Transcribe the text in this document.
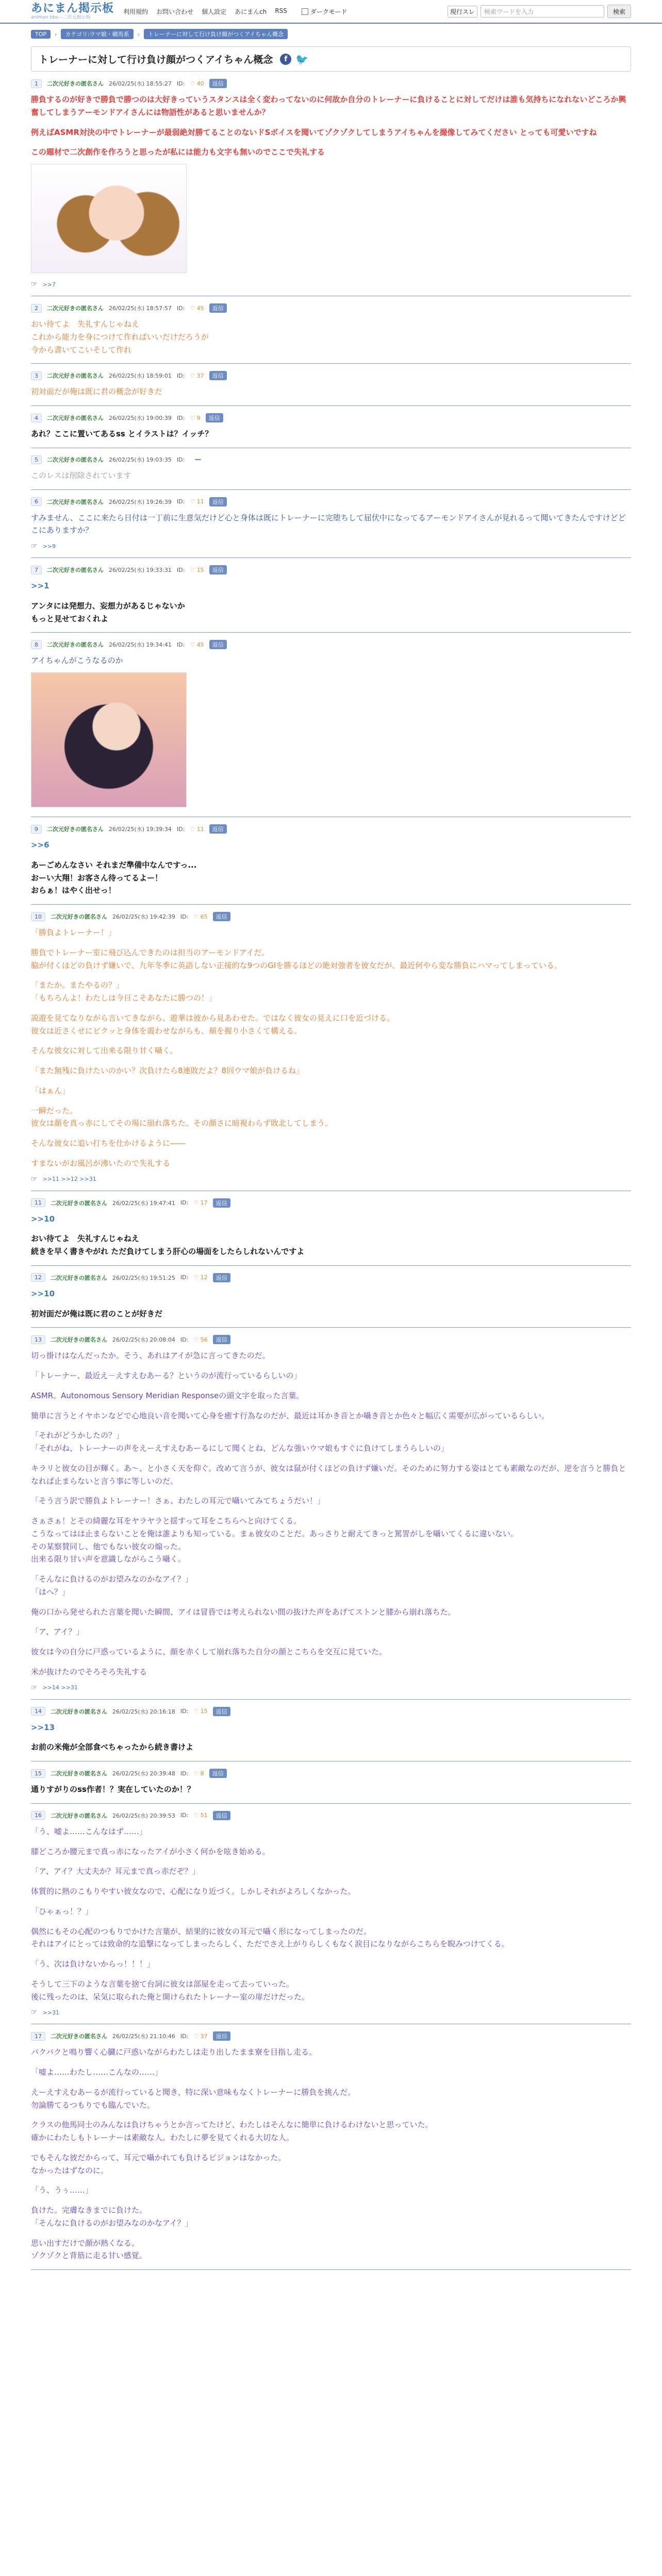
あにまん掲示板
animan bbs—二次元掲示板
利用規約 お問い合わせ 個人設定 あにまんch RSS	ダークモード	現行スレ	検索ワードを入力	検索
TOP	›	カテゴリ:ウマ娘・競馬系	›	トレーナーに対して行け負け顔がつくアイちゃん概念
トレーナーに対して行け負け顔がつくアイちゃん概念	f 🐦
1	二次元好きの匿名さん 26/02/25(水) 18:55:27 ID: ♡ 40	返信

勝負するのが好きで勝負で勝つのは大好きっていうスタンスは全く変わってないのに何故か自分のトレーナーに負けることに対してだけは誰も気持ちになれないどころか興奮してしまうアーモンドアイさんには物語性があると思いませんか？

例えばASMR対決の中でトレーナーが最弱絶対勝てることのないドSボイスを聞いてゾクゾクしてしまうアイちゃんを撮像してみてください とっても可愛いですね

この題材で二次創作を作ろうと思ったが私には能力も文字も無いのでここで失礼する

☞ >>7
2	二次元好きの匿名さん 26/02/25(水) 18:57:57 ID: ♡ 45	返信

おい待てよ　失礼すんじゃねえ
これから能力を身につけて作ればいいだけだろうが
今から書いてこいそして作れ

3	二次元好きの匿名さん 26/02/25(水) 18:59:01 ID: ♡ 37	返信

初対面だが俺は既に君の概念が好きだ

4	二次元好きの匿名さん 26/02/25(水) 19:00:39 ID: ♡ 9	返信

あれ？ここに置いてあるss とイラストは？イッチ？

5	二次元好きの匿名さん 26/02/25(水) 19:03:35 ID:

このレスは削除されています

6	二次元好きの匿名さん 26/02/25(水) 19:26:39 ID: ♡ 11	返信

すみません、ここに来たら日付は一丁前に生意気だけど心と身体は既にトレーナーに完堕ちして屈伏中になってるアーモンドアイさんが見れるって聞いてきたんですけどどこにありますか？

☞ >>9
7	二次元好きの匿名さん 26/02/25(水) 19:33:31 ID: ♡ 15	返信

>>1

アンタには発想力、妄想力があるじゃないか
もっと見せておくれよ

8	二次元好きの匿名さん 26/02/25(水) 19:34:41 ID: ♡ 45	返信

アイちゃんがこうなるのか

9	二次元好きの匿名さん 26/02/25(水) 19:39:34 ID: ♡ 11	返信

>>6

あーごめんなさい それまだ準備中なんですっ...
おーい大翔！お客さん待ってるよー！
おらぁ！はやく出せっ！

10	二次元好きの匿名さん 26/02/25(水) 19:42:39 ID: ♡ 65	返信

「勝負よトレーナー！」

勝負でトレーナー室に飛び込んできたのは担当のアーモンドアイだ。
脇が付くほどの負けず嫌いで、九年冬季に英語しない正接的な9つのGIを勝るほどの絶対強者を彼女だが、最近何やら変な勝負にハマってしまっている。

「またか。またやるの？」
「もちろんよ！わたしは今日こそあなたに勝つの！」

説遊を見てなりながら言いてきながら、遊華は彼から見あわせた。ではなく彼女の見えに口を近づける。
彼女は近さくせにビクッと身体を震わせながらも、頬を握り小さくて構える。

そんな彼女に対して出来る限り甘く囁く。

「また無残に負けたいのかい？次負けたら8連敗だよ？8回ウマ娘が負けるね」

「はぁん」

一瞬だった。
彼女は顔を真っ赤にしてその場に崩れ落ちた。その顔さに暗視わらず敗北してしまう。

そんな彼女に追い打ちを仕かけるように――

すまないがお風呂が沸いたので失礼する

☞ >>11 >>12 >>31
11	二次元好きの匿名さん 26/02/25(水) 19:47:41 ID: ♡ 17	返信

>>10

おい待てよ　失礼すんじゃねえ
続きを早く書きやがれ ただ負けてしまう肝心の場面をしたらしれないんですよ

12	二次元好きの匿名さん 26/02/25(水) 19:51:25 ID: ♡ 12	返信

>>10

初対面だが俺は既に君のことが好きだ

13	二次元好きの匿名さん 26/02/25(水) 20:08:04 ID: ♡ 56	返信

切っ掛けはなんだったか。そう、あれはアイが急に言ってきたのだ。

「トレーナー、最近え－えすえむあーる？というのが流行っているらしいの」

ASMR。Autonomous Sensory Meridian Responseの頭文字を取った言葉。

簡単に言うとイヤホンなどで心地良い音を聞いて心身を癒す行為なのだが、最近は耳かき音とか囁き音とか色々と幅広く需要が広がっているらしい。

「それがどうかしたの？」
「それがね、トレーナーの声をえーえすえむあーるにして聞くとね、どんな強いウマ娘もすぐに負けてしまうらしいの」

キラリと彼女の目が輝く。あ～、と小さく天を仰ぐ。改めて言うが、彼女は鼠が付くほどの負けず嫌いだ。そのために努力する姿はとても素敵なのだが、逆を言うと勝負となれば止まらないと言う事に等しいのだ。

「そう言う訳で勝負よトレーナー！さぁ、わたしの耳元で囁いてみてちょうだい！」

さぁさぁ！とその綺麗な耳をヤラヤラと揺すって耳をこちらへと向けてくる。
こうなってはは止まらないことを俺は誰よりも知っている。まぁ彼女のことだ。あっさりと耐えてきっと罵詈がしを囁いてくるに違いない。
その某察賛同し、他でもない彼女の煽った。
出来る限り甘い声を意識しながらこう囁く。

「そんなに負けるのがお望みなのかなアイ？」
「はへ？」

俺の口から発せられた言葉を聞いた瞬間、アイは冒昏では考えられない間の抜けた声をあげてストンと膝から崩れ落ちた。

「ア、アイ？」

彼女は今の自分に戸惑っているように、顔を赤くして崩れ落ちた自分の顔とこちらを交互に見ていた。

米が抜けたのでそろそろ失礼する

☞ >>14 >>31
14	二次元好きの匿名さん 26/02/25(水) 20:16:18 ID: ♡ 15	返信

>>13

お前の米俺が全部食べちゃったから続き書けよ

15	二次元好きの匿名さん 26/02/25(水) 20:39:48 ID: ♡ 8	返信

通りすがりのss作者！？実在していたのか！？

16	二次元好きの匿名さん 26/02/25(水) 20:39:53 ID: ♡ 51	返信

「う、嘘よ……こんなはず……」

膝どころか腰元まで真っ赤になったアイが小さく何かを呟き始める。

「ア、アイ？大丈夫か？耳元まで真っ赤だぞ？」

体質的に熱のこもりやすい彼女なので、心配になり近づく。しかしそれがよろしくなかった。

「ひゃぁっ！？」

偶然にもその心配のつもりでかけた言葉が、結果的に彼女の耳元で囁く形になってしまったのだ。
それはアイにとっては致命的な追撃になってしまったらしく、ただでさえ上がりらしくもなく涙目になりながらこちらを睨みつけてくる。

「う、次は負けないからっ！！！」

そうして三下のような言葉を捨て台詞に彼女は部屋を走って去っていった。
後に残ったのは、呆気に取られた俺と開けられたトレーナー室の扉だけだった。

☞ >>31
17	二次元好きの匿名さん 26/02/25(水) 21:10:46 ID: ♡ 37	返信

バクバクと鳴り響く心臓に戸惑いながらわたしは走り出したまま寮を目指し走る。

「嘘よ……わたし……こんなの……」

えーえすえむあーるが流行っていると聞き、特に深い意味もなくトレーナーに勝負を挑んだ。
勿論勝てるつもりでも臨んでいた。

クラスの他馬同士のみんなは負けちゃうとか言ってたけど、わたしはそんなに簡単に負けるわけないと思っていた。
確かにわたしもトレーナーは素敵な人。わたしに夢を見てくれる大切な人。

でもそんな彼だからって、耳元で囁かれても負けるビジョンはなかった。
なかったはずなのに。

「う、うぅ……」

負けた。完膚なきまでに負けた。
「そんなに負けるのがお望みなのかなアイ？」

思い出すだけで顔が熱くなる。
ゾクゾクと背筋に走る甘い感覚。
